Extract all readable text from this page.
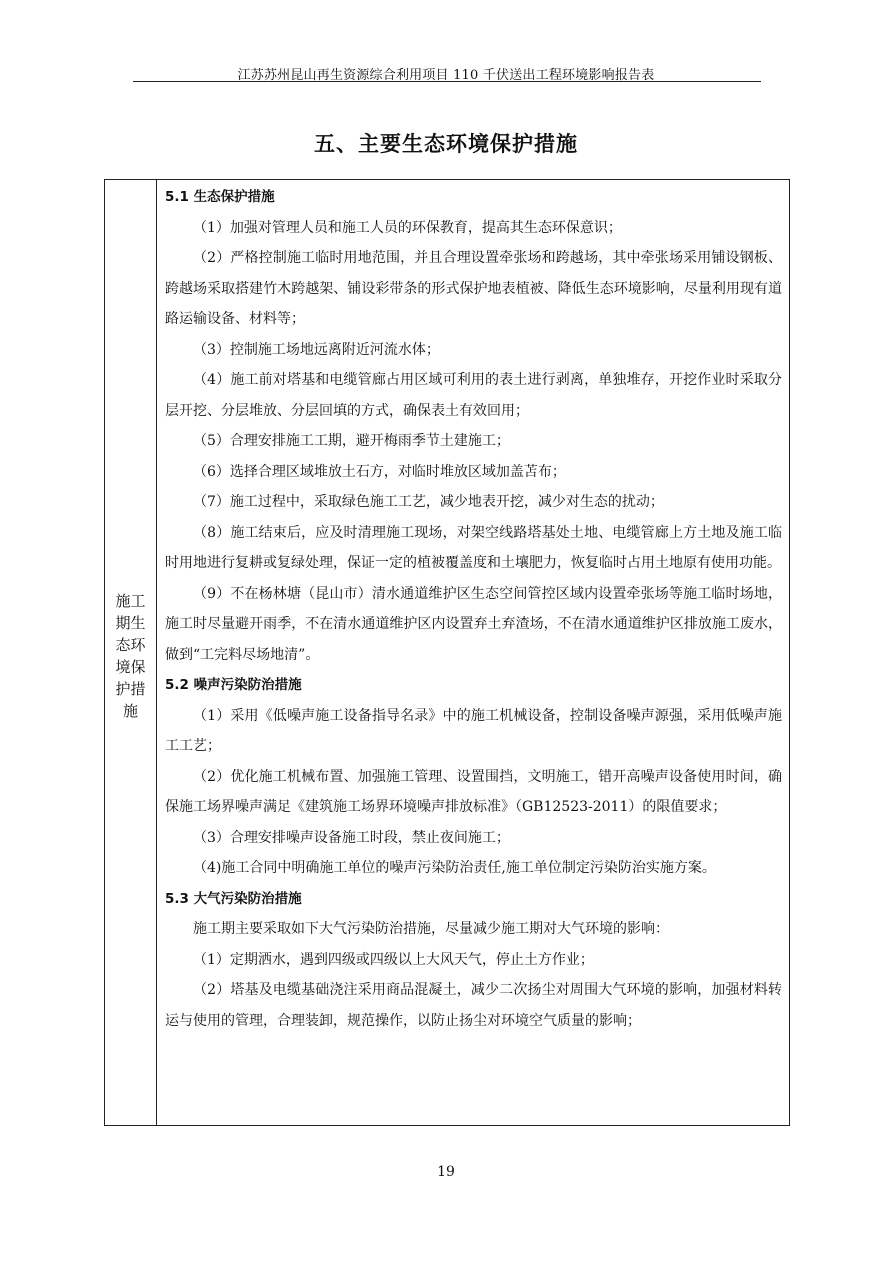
江苏苏州昆山再生资源综合利用项目 110 千伏送出工程环境影响报告表
五、主要生态环境保护措施
施工
期生
态环
境保
护措
施
5.1 生态保护措施
（1）加强对管理人员和施工人员的环保教育，提高其生态环保意识；
（2）严格控制施工临时用地范围，并且合理设置牵张场和跨越场，其中牵张场采用铺设钢板、跨越场采取搭建竹木跨越架、铺设彩带条的形式保护地表植被、降低生态环境影响，尽量利用现有道路运输设备、材料等；
（3）控制施工场地远离附近河流水体；
（4）施工前对塔基和电缆管廊占用区域可利用的表土进行剥离，单独堆存，开挖作业时采取分层开挖、分层堆放、分层回填的方式，确保表土有效回用；
（5）合理安排施工工期，避开梅雨季节土建施工；
（6）选择合理区域堆放土石方，对临时堆放区域加盖苫布；
（7）施工过程中，采取绿色施工工艺，减少地表开挖，减少对生态的扰动；
（8）施工结束后，应及时清理施工现场，对架空线路塔基处土地、电缆管廊上方土地及施工临时用地进行复耕或复绿处理，保证一定的植被覆盖度和土壤肥力，恢复临时占用土地原有使用功能。
（9）不在杨林塘（昆山市）清水通道维护区生态空间管控区域内设置牵张场等施工临时场地，施工时尽量避开雨季，不在清水通道维护区内设置弃土弃渣场，不在清水通道维护区排放施工废水，做到“工完料尽场地清”。
5.2 噪声污染防治措施
（1）采用《低噪声施工设备指导名录》中的施工机械设备，控制设备噪声源强，采用低噪声施工工艺；
（2）优化施工机械布置、加强施工管理、设置围挡，文明施工，错开高噪声设备使用时间，确保施工场界噪声满足《建筑施工场界环境噪声排放标准》（GB12523-2011）的限值要求；
（3）合理安排噪声设备施工时段，禁止夜间施工；
（4)施工合同中明确施工单位的噪声污染防治责任,施工单位制定污染防治实施方案。
5.3 大气污染防治措施
施工期主要采取如下大气污染防治措施，尽量减少施工期对大气环境的影响：
（1）定期洒水，遇到四级或四级以上大风天气，停止土方作业；
（2）塔基及电缆基础浇注采用商品混凝土，减少二次扬尘对周围大气环境的影响，加强材料转运与使用的管理，合理装卸，规范操作，以防止扬尘对环境空气质量的影响；
19
